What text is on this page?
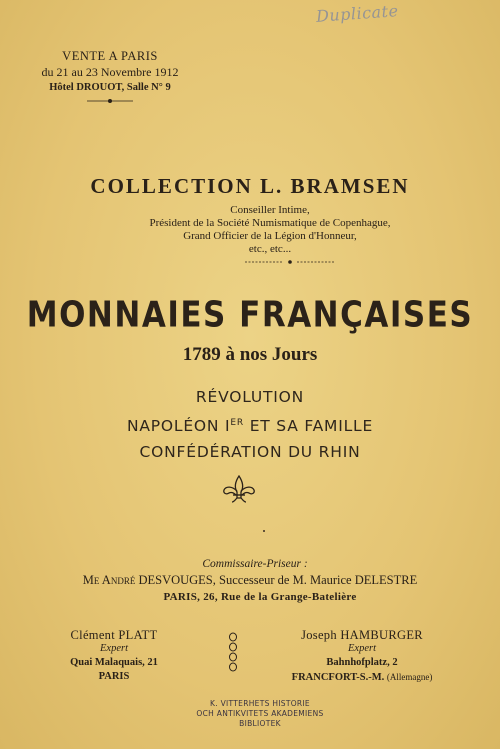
Duplicate
VENTE A PARIS
du 21 au 23 Novembre 1912
Hôtel DROUOT, Salle N° 9
COLLECTION L. BRAMSEN
Conseiller Intime,
Président de la Société Numismatique de Copenhague,
Grand Officier de la Légion d'Honneur,
etc., etc...
MONNAIES FRANÇAISES
1789 à nos Jours
RÉVOLUTION
NAPOLÉON IER ET SA FAMILLE
CONFÉDÉRATION DU RHIN
Commissaire-Priseur :
Me André DESVOUGES, Successeur de M. Maurice DELESTRE
PARIS, 26, Rue de la Grange-Batelière
Clément PLATT
Expert
Quai Malaquais, 21
PARIS
Joseph HAMBURGER
Expert
Bahnhofplatz, 2
FRANCFORT-S.-M. (Allemagne)
K. VITTERHETS HISTORIE
OCH ANTIKVITETS AKADEMIENS
BIBLIOTEK
